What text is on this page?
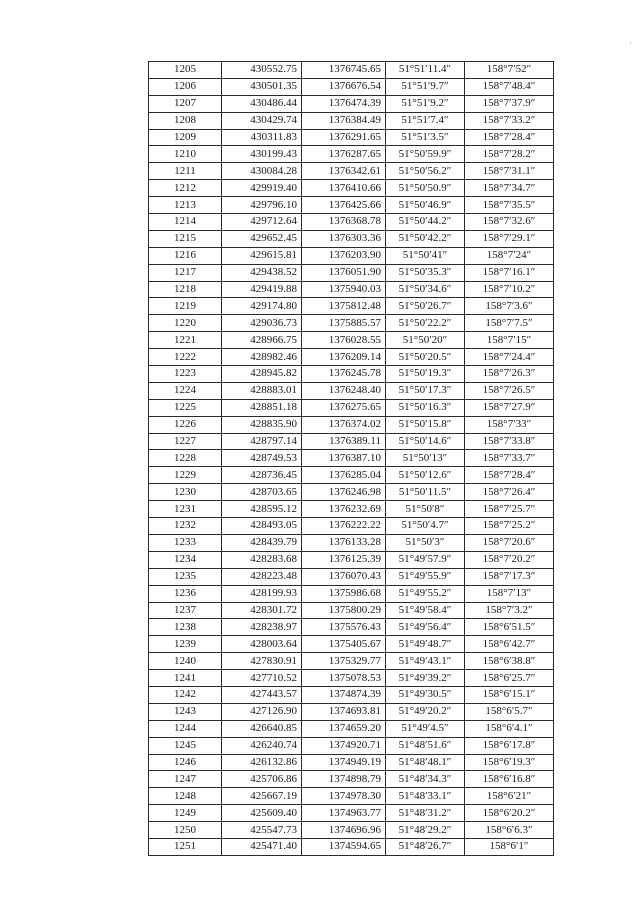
·
1205	430552.75	1376745.65	51°51′11.4″	158°7′52″
1206	430501.35	1376676.54	51°51′9.7″	158°7′48.4″
1207	430486.44	1376474.39	51°51′9.2″	158°7′37.9″
1208	430429.74	1376384.49	51°51′7.4″	158°7′33.2″
1209	430311.83	1376291.65	51°51′3.5″	158°7′28.4″
1210	430199.43	1376287.65	51°50′59.9″	158°7′28.2″
1211	430084.28	1376342.61	51°50′56.2″	158°7′31.1″
1212	429919.40	1376410.66	51°50′50.9″	158°7′34.7″
1213	429796.10	1376425.66	51°50′46.9″	158°7′35.5″
1214	429712.64	1376368.78	51°50′44.2″	158°7′32.6″
1215	429652.45	1376303.36	51°50′42.2″	158°7′29.1″
1216	429615.81	1376203.90	51°50′41″	158°7′24″
1217	429438.52	1376051.90	51°50′35.3″	158°7′16.1″
1218	429419.88	1375940.03	51°50′34.6″	158°7′10.2″
1219	429174.80	1375812.48	51°50′26.7″	158°7′3.6″
1220	429036.73	1375885.57	51°50′22.2″	158°7′7.5″
1221	428966.75	1376028.55	51°50′20″	158°7′15″
1222	428982.46	1376209.14	51°50′20.5″	158°7′24.4″
1223	428945.82	1376245.78	51°50′19.3″	158°7′26.3″
1224	428883.01	1376248.40	51°50′17.3″	158°7′26.5″
1225	428851.18	1376275.65	51°50′16.3″	158°7′27.9″
1226	428835.90	1376374.02	51°50′15.8″	158°7′33″
1227	428797.14	1376389.11	51°50′14.6″	158°7′33.8″
1228	428749.53	1376387.10	51°50′13″	158°7′33.7″
1229	428736.45	1376285.04	51°50′12.6″	158°7′28.4″
1230	428703.65	1376246.98	51°50′11.5″	158°7′26.4″
1231	428595.12	1376232.69	51°50′8″	158°7′25.7″
1232	428493.05	1376222.22	51°50′4.7″	158°7′25.2″
1233	428439.79	1376133.28	51°50′3″	158°7′20.6″
1234	428283.68	1376125.39	51°49′57.9″	158°7′20.2″
1235	428223.48	1376070.43	51°49′55.9″	158°7′17.3″
1236	428199.93	1375986.68	51°49′55.2″	158°7′13″
1237	428301.72	1375800.29	51°49′58.4″	158°7′3.2″
1238	428238.97	1375576.43	51°49′56.4″	158°6′51.5″
1239	428003.64	1375405.67	51°49′48.7″	158°6′42.7″
1240	427830.91	1375329.77	51°49′43.1″	158°6′38.8″
1241	427710.52	1375078.53	51°49′39.2″	158°6′25.7″
1242	427443.57	1374874.39	51°49′30.5″	158°6′15.1″
1243	427126.90	1374693.81	51°49′20.2″	158°6′5.7″
1244	426640.85	1374659.20	51°49′4.5″	158°6′4.1″
1245	426240.74	1374920.71	51°48′51.6″	158°6′17.8″
1246	426132.86	1374949.19	51°48′48.1″	158°6′19.3″
1247	425706.86	1374898.79	51°48′34.3″	158°6′16.8″
1248	425667.19	1374978.30	51°48′33.1″	158°6′21″
1249	425609.40	1374963.77	51°48′31.2″	158°6′20.2″
1250	425547.73	1374696.96	51°48′29.2″	158°6′6.3″
1251	425471.40	1374594.65	51°48′26.7″	158°6′1″
